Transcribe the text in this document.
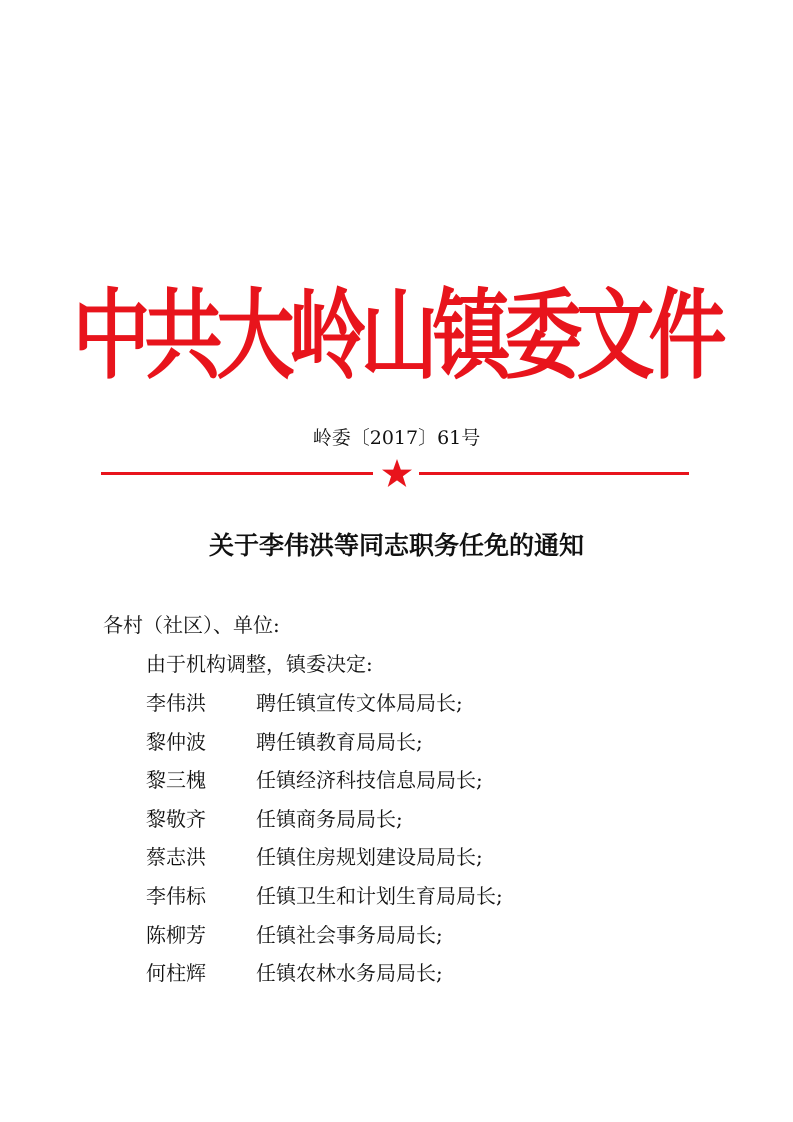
中共大岭山镇委文件
岭委〔2017〕61号
关于李伟洪等同志职务任免的通知
各村（社区）、单位:
由于机构调整，镇委决定:
李伟洪	聘任镇宣传文体局局长;
黎仲波	聘任镇教育局局长;
黎三槐	任镇经济科技信息局局长;
黎敬齐	任镇商务局局长;
蔡志洪	任镇住房规划建设局局长;
李伟标	任镇卫生和计划生育局局长;
陈柳芳	任镇社会事务局局长;
何柱辉	任镇农林水务局局长;
